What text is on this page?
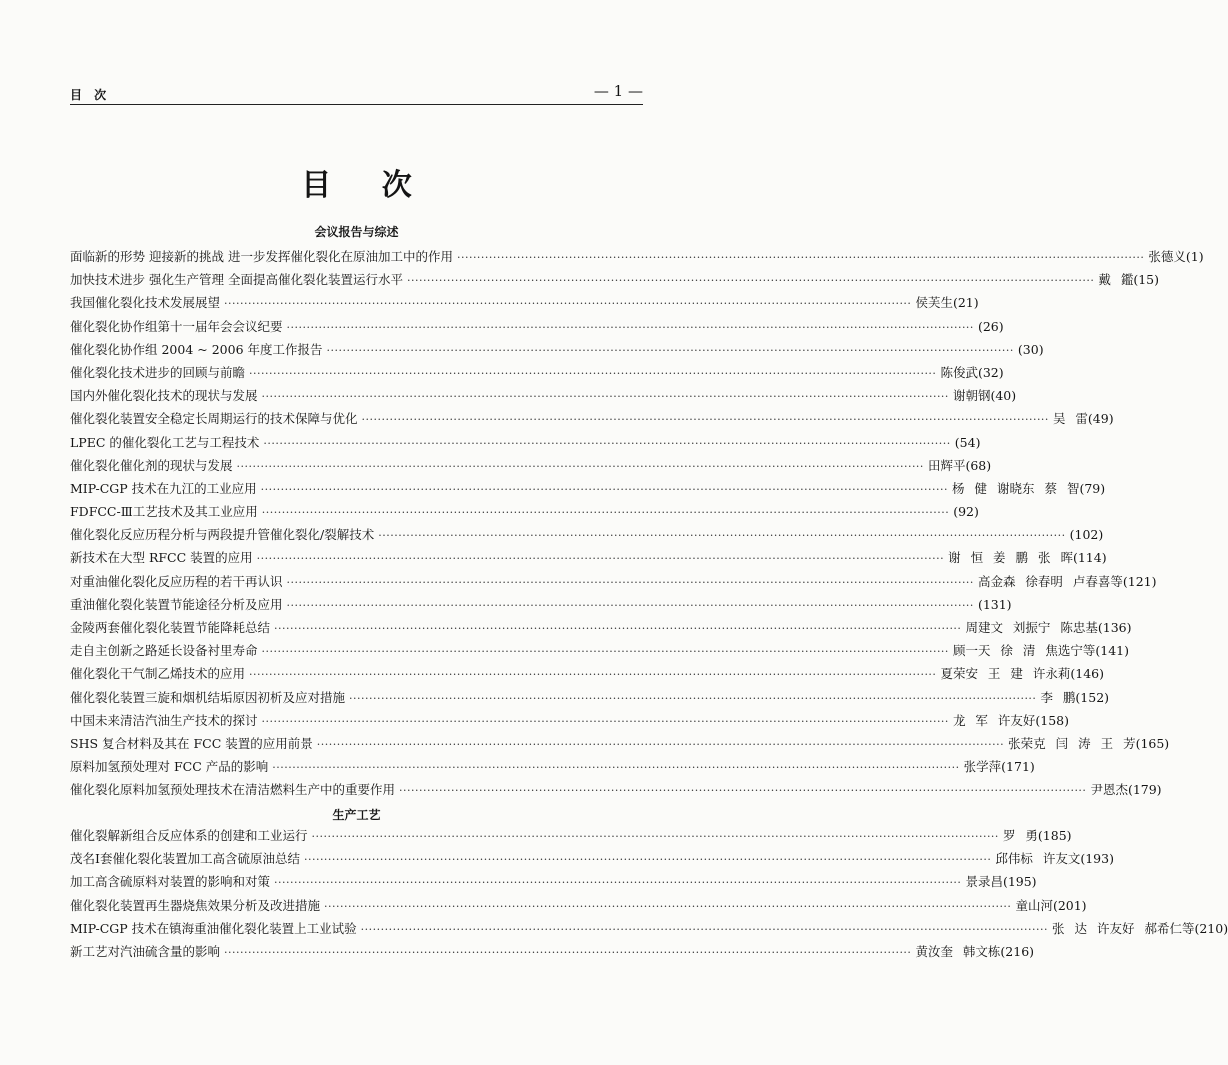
目 次	— 1 —
目 次
会议报告与综述
面临新的形势 迎接新的挑战 进一步发挥催化裂化在原油加工中的作用 ·····	张德义(1)
加快技术进步 强化生产管理 全面提高催化裂化装置运行水平 ·····	戴 鑑(15)
我国催化裂化技术发展展望 ·····	侯芙生(21)
催化裂化协作组第十一届年会会议纪要 ·····	(26)
催化裂化协作组 2004 ~ 2006 年度工作报告 ·····	(30)
催化裂化技术进步的回顾与前瞻 ·····	陈俊武(32)
国内外催化裂化技术的现状与发展 ·····	谢朝钢(40)
催化裂化装置安全稳定长周期运行的技术保障与优化 ·····	吴 雷(49)
LPEC 的催化裂化工艺与工程技术 ·····	(54)
催化裂化催化剂的现状与发展 ·····	田辉平(68)
MIP-CGP 技术在九江的工业应用 ·····	杨 健 谢晓东 蔡 智(79)
FDFCC-Ⅲ工艺技术及其工业应用 ·····	(92)
催化裂化反应历程分析与两段提升管催化裂化/裂解技术 ·····	(102)
新技术在大型 RFCC 装置的应用 ·····	谢 恒 姜 鹏 张 晖(114)
对重油催化裂化反应历程的若干再认识 ·····	高金森 徐春明 卢春喜等(121)
重油催化裂化装置节能途径分析及应用 ·····	(131)
金陵两套催化裂化装置节能降耗总结 ·····	周建文 刘振宁 陈忠基(136)
走自主创新之路延长设备衬里寿命 ·····	顾一天 徐 清 焦选宁等(141)
催化裂化干气制乙烯技术的应用 ·····	夏荣安 王 建 许永莉(146)
催化裂化装置三旋和烟机结垢原因初析及应对措施 ·····	李 鹏(152)
中国未来清洁汽油生产技术的探讨 ·····	龙 军 许友好(158)
SHS 复合材料及其在 FCC 装置的应用前景 ·····	张荣克 闫 涛 王 芳(165)
原料加氢预处理对 FCC 产品的影响 ·····	张学萍(171)
催化裂化原料加氢预处理技术在清洁燃料生产中的重要作用 ·····	尹恩杰(179)
生产工艺
催化裂解新组合反应体系的创建和工业运行 ·····	罗 勇(185)
茂名Ⅰ套催化裂化装置加工高含硫原油总结 ·····	邱伟标 许友文(193)
加工高含硫原料对装置的影响和对策 ·····	景录昌(195)
催化裂化装置再生器烧焦效果分析及改进措施 ·····	童山河(201)
MIP-CGP 技术在镇海重油催化裂化装置上工业试验 ·····	张 达 许友好 郝希仁等(210)
新工艺对汽油硫含量的影响 ·····	黄汝奎 韩文栋(216)
